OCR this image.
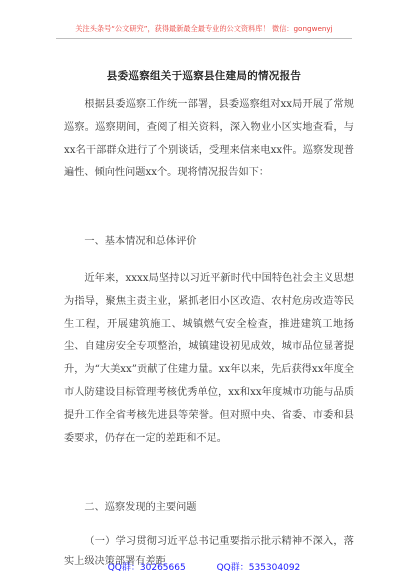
关注头条号“公文研究”，获得最新最全最专业的公文资料库！ 微信：gongwenyj
县委巡察组关于巡察县住建局的情况报告

根据县委巡察工作统一部署，县委巡察组对xx局开展了常规巡察。巡察期间，查阅了相关资料，深入物业小区实地查看，与xx名干部群众进行了个别谈话，受理来信来电xx件。巡察发现普遍性、倾向性问题xx个。现将情况报告如下：

一、基本情况和总体评价

近年来，xxxx局坚持以习近平新时代中国特色社会主义思想为指导，聚焦主责主业，紧抓老旧小区改造、农村危房改造等民生工程，开展建筑施工、城镇燃气安全检查，推进建筑工地扬尘、自建房安全专项整治，城镇建设初见成效，城市品位显著提升，为“大美xx”贡献了住建力量。xx年以来，先后获得xx年度全市人防建设目标管理考核优秀单位，xx和xx年度城市功能与品质提升工作全省考核先进县等荣誉。但对照中央、省委、市委和县委要求，仍存在一定的差距和不足。

二、巡察发现的主要问题

（一）学习贯彻习近平总书记重要指示批示精神不深入，落实上级决策部署有差距

QQ群：30265665	QQ群：535304092
